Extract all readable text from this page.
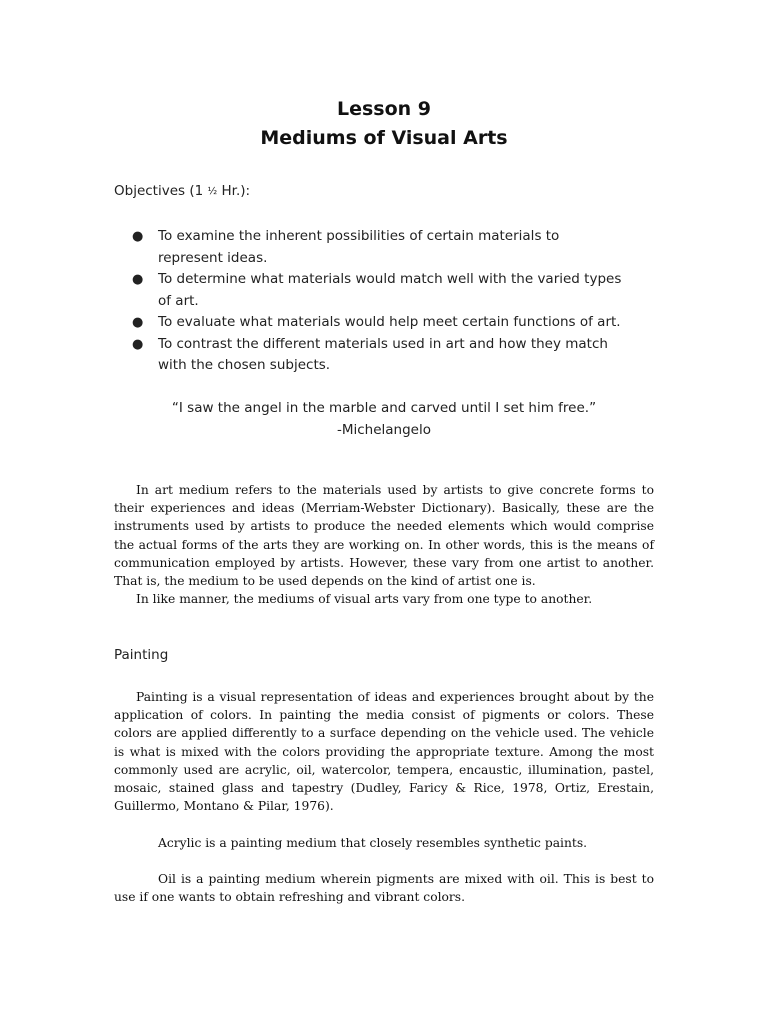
Lesson 9
Mediums of Visual Arts

Objectives (1 ½ Hr.):

● To examine the inherent possibilities of certain materials to
represent ideas.
● To determine what materials would match well with the varied types
of art.
● To evaluate what materials would help meet certain functions of art.
● To contrast the different materials used in art and how they match
with the chosen subjects.
“I saw the angel in the marble and carved until I set him free.”
-Michelangelo
In art medium refers to the materials used by artists to give concrete forms to
their experiences and ideas (Merriam-Webster Dictionary). Basically, these are the
instruments used by artists to produce the needed elements which would comprise
the actual forms of the arts they are working on. In other words, this is the means of
communication employed by artists. However, these vary from one artist to another.
That is, the medium to be used depends on the kind of artist one is.
In like manner, the mediums of visual arts vary from one type to another.

Painting

Painting is a visual representation of ideas and experiences brought about by the
application of colors. In painting the media consist of pigments or colors. These
colors are applied differently to a surface depending on the vehicle used. The vehicle
is what is mixed with the colors providing the appropriate texture. Among the most
commonly used are acrylic, oil, watercolor, tempera, encaustic, illumination, pastel,
mosaic, stained glass and tapestry (Dudley, Faricy & Rice, 1978, Ortiz, Erestain,
Guillermo, Montano & Pilar, 1976).
Acrylic is a painting medium that closely resembles synthetic paints.
Oil is a painting medium wherein pigments are mixed with oil. This is best to
use if one wants to obtain refreshing and vibrant colors.
